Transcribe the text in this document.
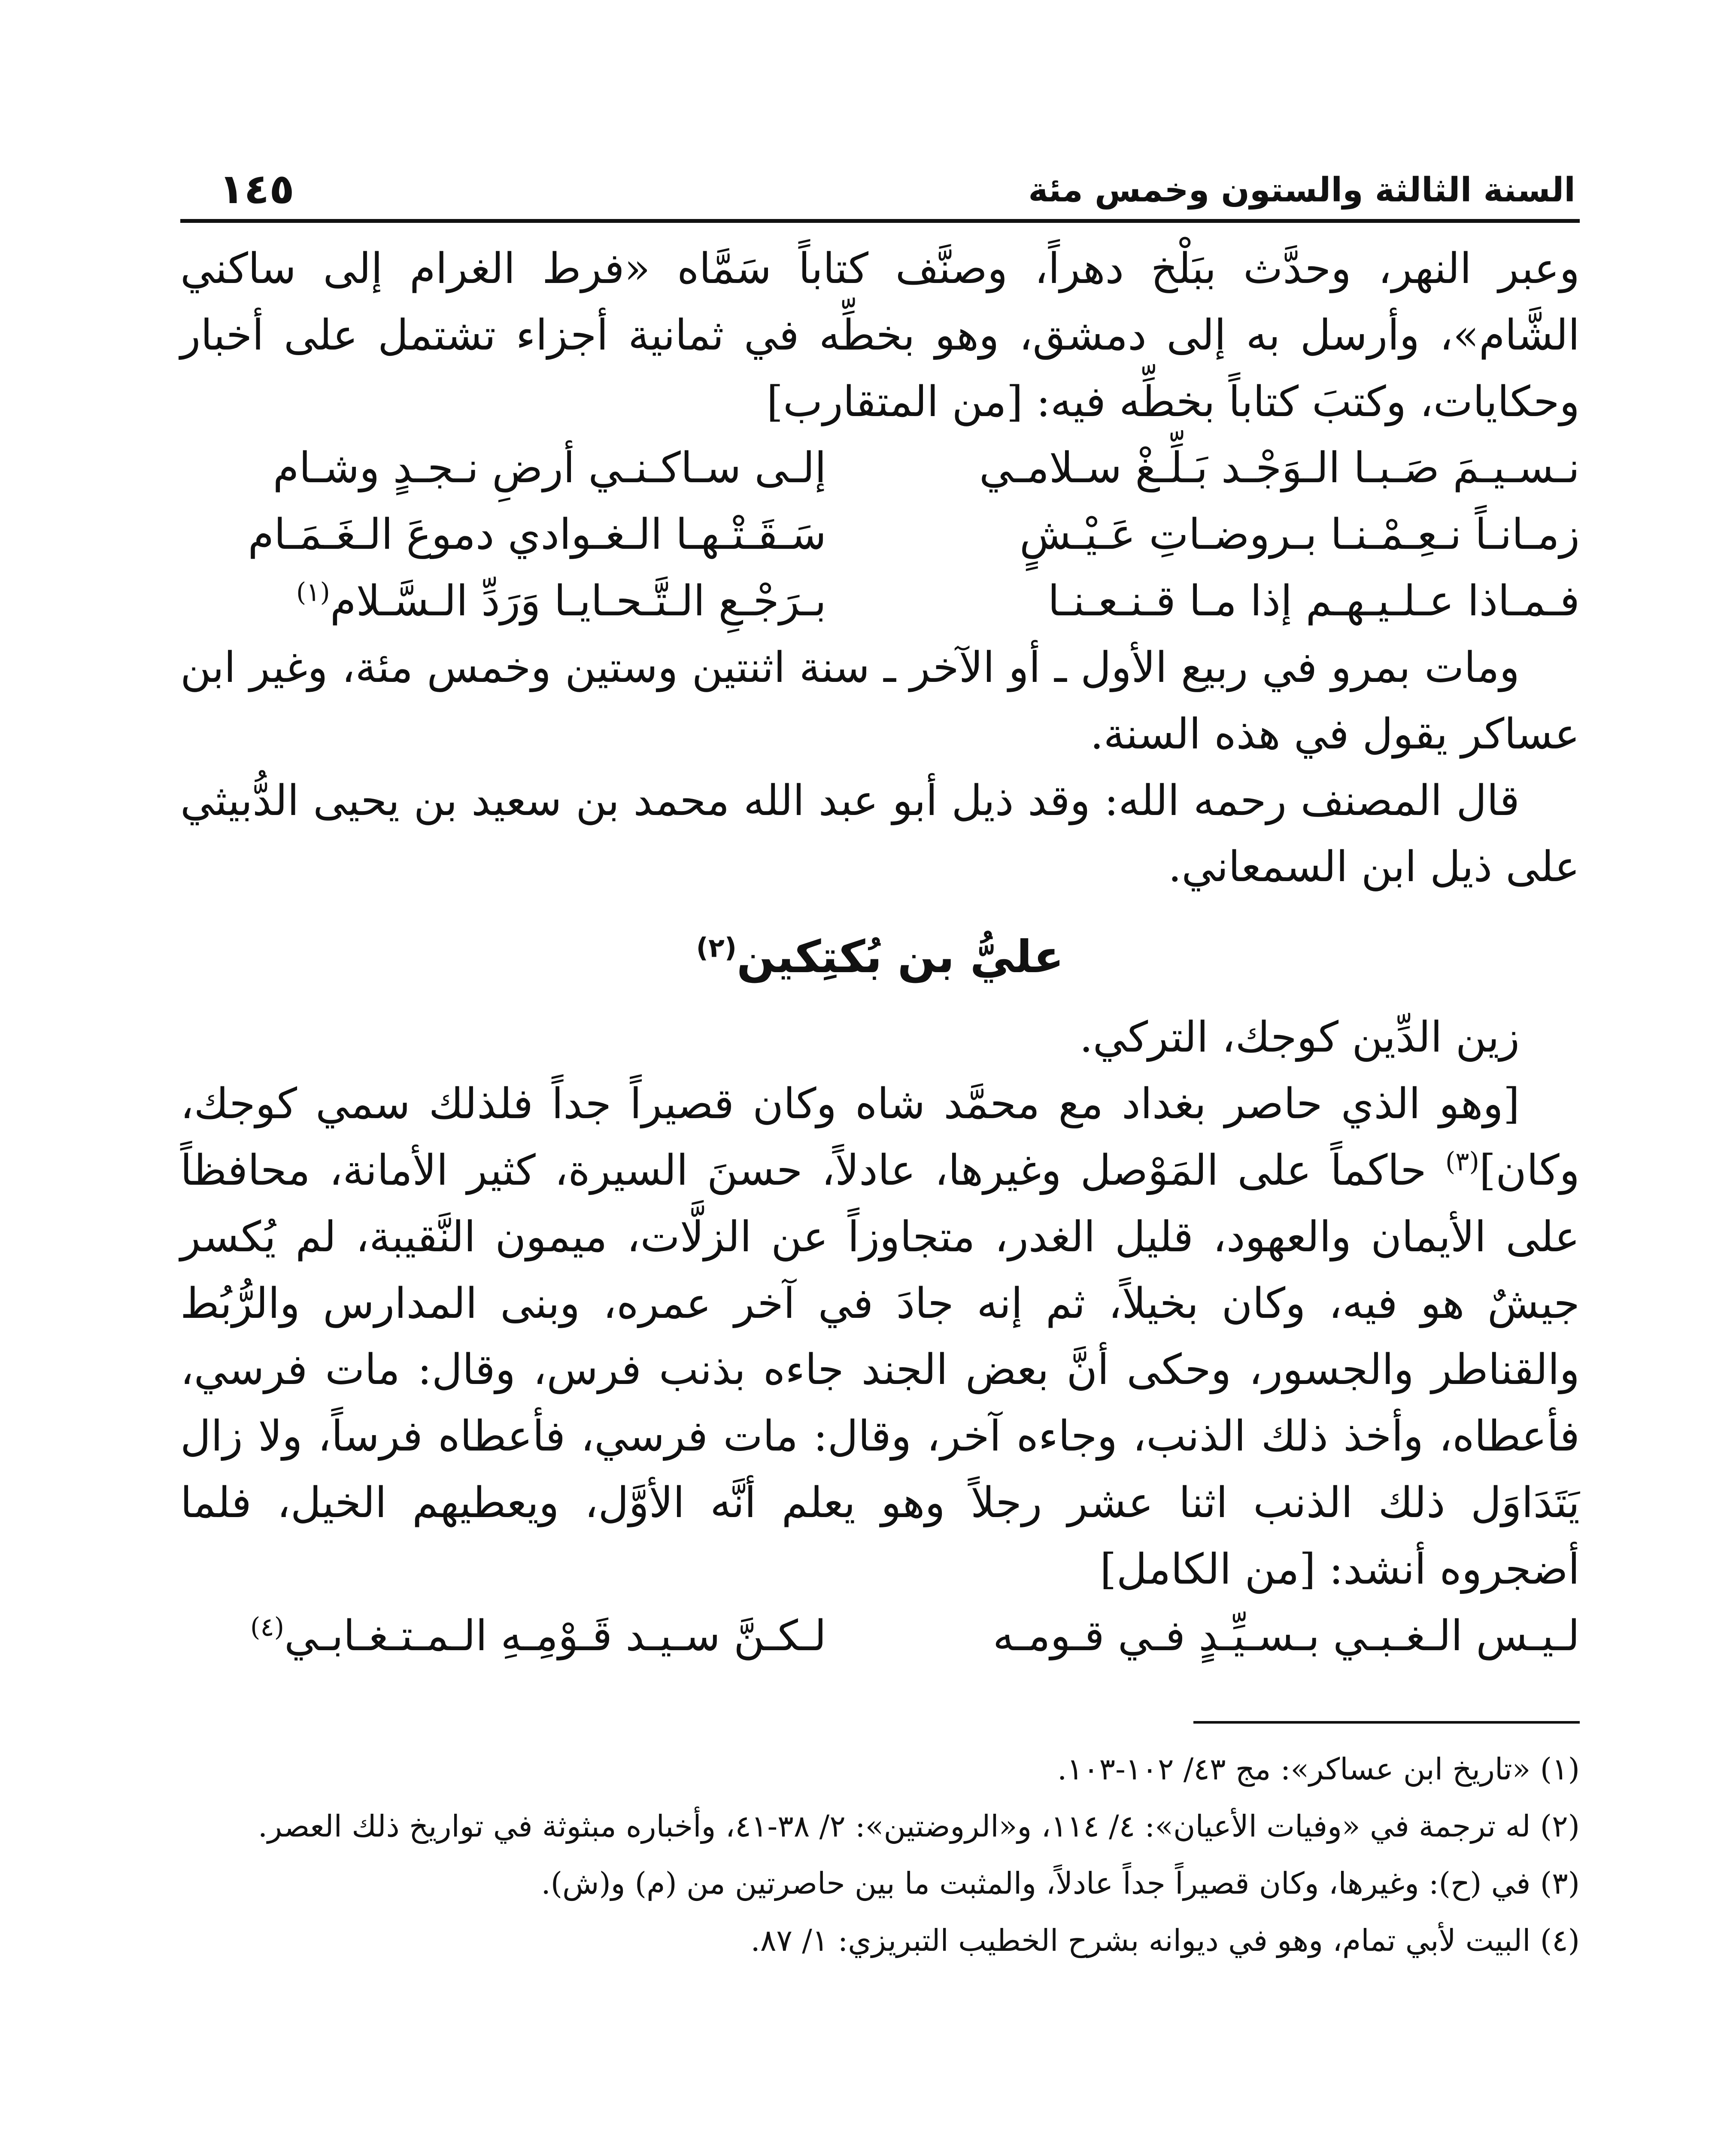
السنة الثالثة والستون وخمس مئة
١٤٥

وعبر النهر، وحدَّث ببَلْخ دهراً، وصنَّف كتاباً سَمَّاه «فرط الغرام إلى ساكني الشَّام»، وأرسل به إلى دمشق، وهو بخطِّه في ثمانية أجزاء تشتمل على أخبار وحكايات، وكتبَ كتاباً بخطِّه فيه: [من المتقارب]

نـسـيـمَ صَـبـا الـوَجْـد بَـلِّـغْ سـلامـي
إلـى سـاكـنـي أرضِ نـجـدٍ وشـام
زمـانـاً نـعِـمْـنـا بـروضـاتِ عَـيْـشٍ
سَـقَـتْـهـا الـغـوادي دموعَ الـغَـمَـام
فـمـاذا عـلـيـهـم إذا مـا قـنـعـنـا
بـرَجْـعِ الـتَّـحـايـا وَرَدِّ الـسَّـلام$^{(١)}$

ومات بمرو في ربيع الأول ـ أو الآخر ـ سنة اثنتين وستين وخمس مئة، وغير ابن عساكر يقول في هذه السنة.

قال المصنف رحمه الله: وقد ذيل أبو عبد الله محمد بن سعيد بن يحيى الدُّبيثي على ذيل ابن السمعاني.

عليُّ بن بُكتِكين$^{(٢)}$

زين الدِّين كوجك، التركي.

[وهو الذي حاصر بغداد مع محمَّد شاه وكان قصيراً جداً فلذلك سمي كوجك، وكان]$^{(٣)}$ حاكماً على المَوْصل وغيرها، عادلاً، حسنَ السيرة، كثير الأمانة، محافظاً على الأيمان والعهود، قليل الغدر، متجاوزاً عن الزلَّات، ميمون النَّقيبة، لم يُكسر جيشٌ هو فيه، وكان بخيلاً، ثم إنه جادَ في آخر عمره، وبنى المدارس والرُّبُط والقناطر والجسور، وحكى أنَّ بعض الجند جاءه بذنب فرس، وقال: مات فرسي، فأعطاه، وأخذ ذلك الذنب، وجاءه آخر، وقال: مات فرسي، فأعطاه فرساً، ولا زال يَتَدَاوَل ذلك الذنب اثنا عشر رجلاً وهو يعلم أنَّه الأوَّل، ويعطيهم الخيل، فلما أضجروه أنشد: [من الكامل]

لـيـس الـغـبـي بـسـيِّـدٍ فـي قـومـه
لـكـنَّ سـيـد قَـوْمِـهِ الـمـتـغـابـي$^{(٤)}$

(١) «تاريخ ابن عساكر»: مج ٤٣/ ١٠٢-١٠٣.

(٢) له ترجمة في «وفيات الأعيان»: ٤/ ١١٤، و«الروضتين»: ٢/ ٣٨-٤١، وأخباره مبثوثة في تواريخ ذلك العصر.

(٣) في (ح): وغيرها، وكان قصيراً جداً عادلاً، والمثبت ما بين حاصرتين من (م) و(ش).

(٤) البيت لأبي تمام، وهو في ديوانه بشرح الخطيب التبريزي: ١/ ٨٧.
